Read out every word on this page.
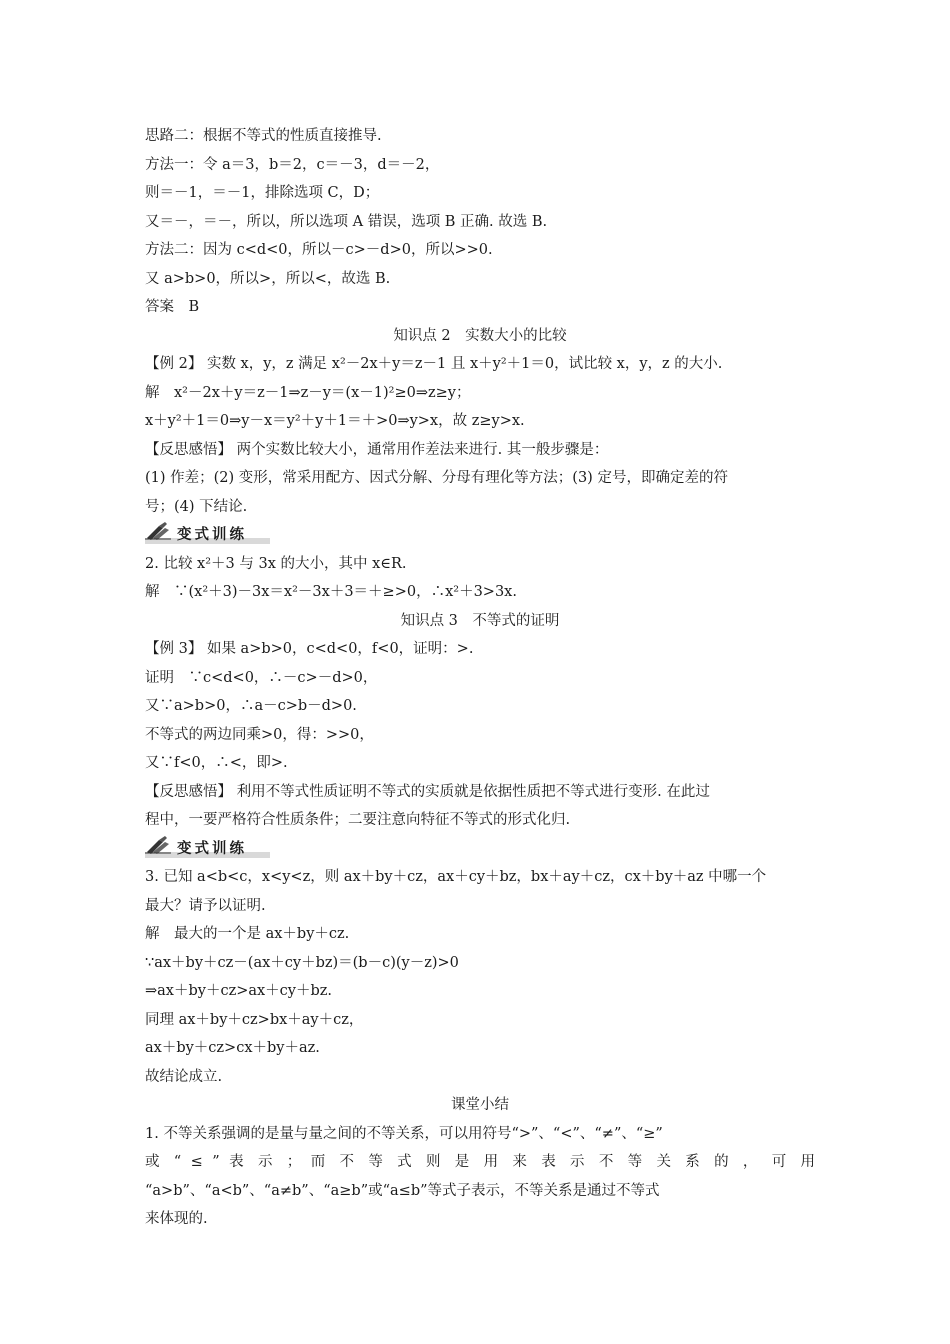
思路二：根据不等式的性质直接推导.
方法一：令 a＝3，b＝2，c＝－3，d＝－2，
则＝－1，＝－1，排除选项 C，D；
又＝－，＝－，所以，所以选项 A 错误，选项 B 正确. 故选 B.
方法二：因为 c<d<0，所以－c>－d>0，所以>>0.
又 a>b>0，所以>，所以<，故选 B.
答案　B
知识点 2　实数大小的比较
【例 2】 实数 x，y，z 满足 x²－2x＋y＝z－1 且 x＋y²＋1＝0，试比较 x，y，z 的大小.
解　x²－2x＋y＝z－1⇒z－y＝(x－1)²≥0⇒z≥y；
x＋y²＋1＝0⇒y－x＝y²＋y＋1＝＋>0⇒y>x，故 z≥y>x.
【反思感悟】 两个实数比较大小，通常用作差法来进行. 其一般步骤是：
(1) 作差；(2) 变形，常采用配方、因式分解、分母有理化等方法；(3) 定号，即确定差的符
号；(4) 下结论.
变式训练
2. 比较 x²＋3 与 3x 的大小，其中 x∈R.
解　∵(x²＋3)－3x＝x²－3x＋3＝＋≥>0，∴x²＋3>3x.
知识点 3　不等式的证明
【例 3】 如果 a>b>0，c<d<0，f<0，证明：>.
证明　∵c<d<0，∴－c>－d>0，
又∵a>b>0，∴a－c>b－d>0.
不等式的两边同乘>0，得：>>0，
又∵f<0，∴<，即>.
【反思感悟】 利用不等式性质证明不等式的实质就是依据性质把不等式进行变形. 在此过
程中，一要严格符合性质条件；二要注意向特征不等式的形式化归.
变式训练
3. 已知 a<b<c，x<y<z，则 ax＋by＋cz，ax＋cy＋bz，bx＋ay＋cz，cx＋by＋az 中哪一个
最大？请予以证明.
解　最大的一个是 ax＋by＋cz.
∵ax＋by＋cz－(ax＋cy＋bz)＝(b－c)(y－z)>0
⇒ax＋by＋cz>ax＋cy＋bz.
同理 ax＋by＋cz>bx＋ay＋cz，
ax＋by＋cz>cx＋by＋az.
故结论成立.
课堂小结
1. 不等关系强调的是量与量之间的不等关系，可以用符号“>”、“<”、“≠”、“≥”
或 “ ≤ ” 表 示 ； 而 不 等 式 则 是 用 来 表 示 不 等 关 系 的 ， 可 用
“a>b”、“a<b”、“a≠b”、“a≥b”或“a≤b”等式子表示，不等关系是通过不等式
来体现的.
